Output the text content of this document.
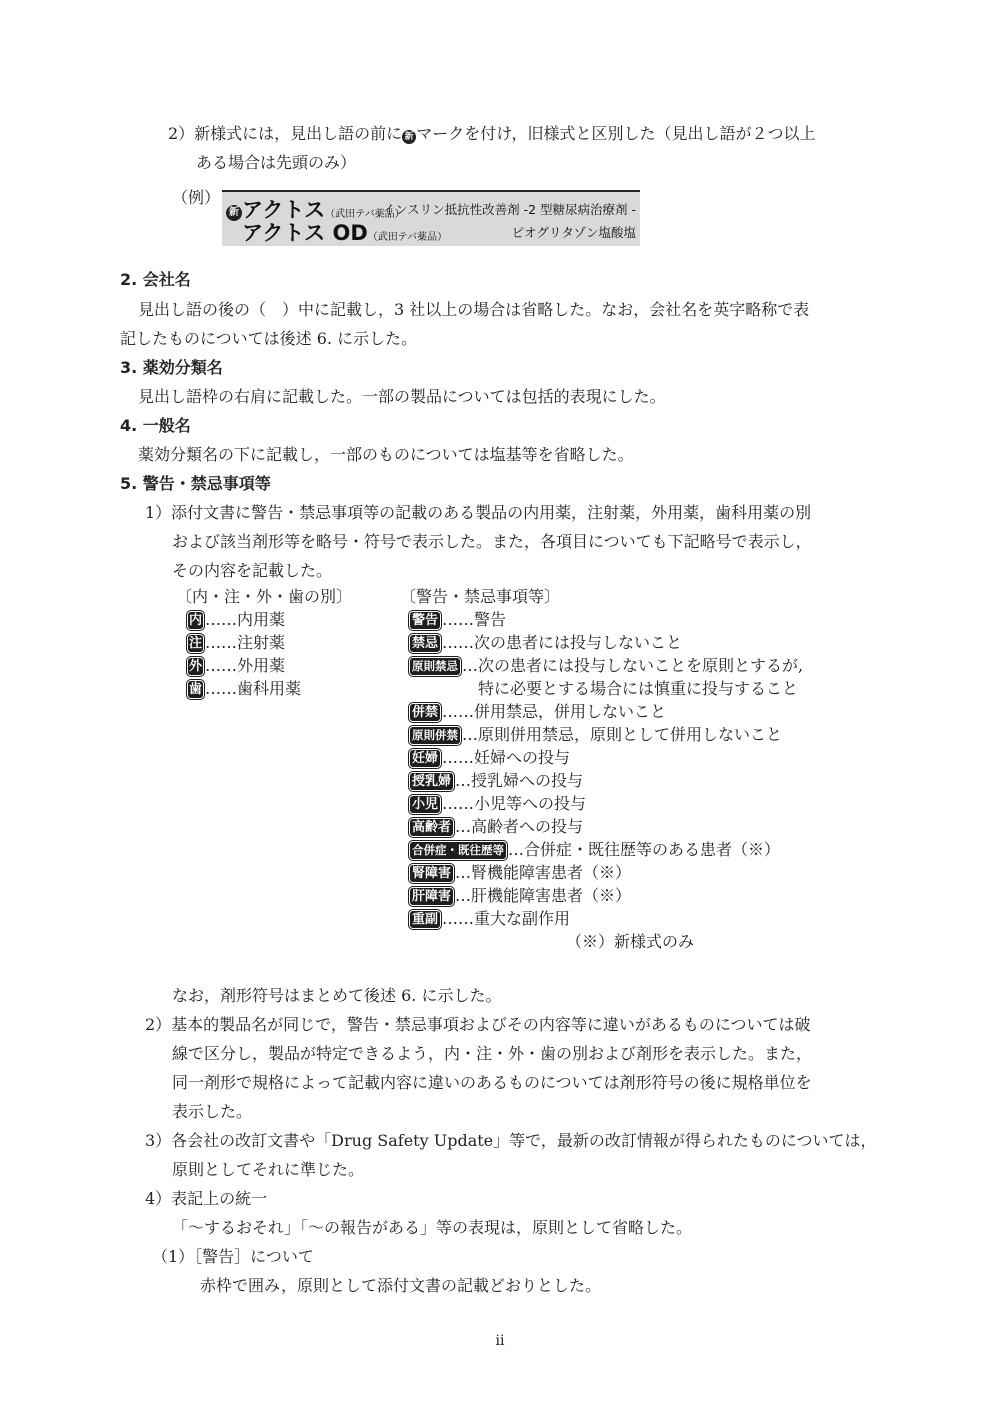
2）新様式には，見出し語の前に 新 マークを付け，旧様式と区別した（見出し語が２つ以上
ある場合は先頭のみ）
（例）
新 アクトス（武田テバ薬品）
インスリン抵抗性改善剤 -2 型糖尿病治療剤 -
アクトス OD（武田テバ薬品）	ピオグリタゾン塩酸塩
2. 会社名
見出し語の後の（　）中に記載し，3 社以上の場合は省略した。なお，会社名を英字略称で表
記したものについては後述 6. に示した。
3. 薬効分類名
見出し語枠の右肩に記載した。一部の製品については包括的表現にした。
4. 一般名
薬効分類名の下に記載し，一部のものについては塩基等を省略した。
5. 警告・禁忌事項等
1）添付文書に警告・禁忌事項等の記載のある製品の内用薬，注射薬，外用薬，歯科用薬の別
および該当剤形等を略号・符号で表示した。また，各項目についても下記略号で表示し，
その内容を記載した。
〔内・注・外・歯の別〕
内 ……内用薬
注 ……注射薬
外 ……外用薬
歯 ……歯科用薬
〔警告・禁忌事項等〕
警告 ……警告
禁忌 ……次の患者には投与しないこと
原則禁忌 …次の患者には投与しないことを原則とするが,
特に必要とする場合には慎重に投与すること
併禁 ……併用禁忌，併用しないこと
原則併禁 …原則併用禁忌，原則として併用しないこと
妊婦 ……妊婦への投与
授乳婦 …授乳婦への投与
小児 ……小児等への投与
高齢者 …高齢者への投与
合併症・既往歴等 …合併症・既往歴等のある患者（※）
腎障害 …腎機能障害患者（※）
肝障害 …肝機能障害患者（※）
重副 ……重大な副作用
（※）新様式のみ
なお，剤形符号はまとめて後述 6. に示した。
2）基本的製品名が同じで，警告・禁忌事項およびその内容等に違いがあるものについては破
線で区分し，製品が特定できるよう，内・注・外・歯の別および剤形を表示した。また，
同一剤形で規格によって記載内容に違いのあるものについては剤形符号の後に規格単位を
表示した。
3）各会社の改訂文書や「Drug Safety Update」等で，最新の改訂情報が得られたものについては，
原則としてそれに準じた。
4）表記上の統一
「～するおそれ」「～の報告がある」等の表現は，原則として省略した。
（1）［警告］について
赤枠で囲み，原則として添付文書の記載どおりとした。
ii
